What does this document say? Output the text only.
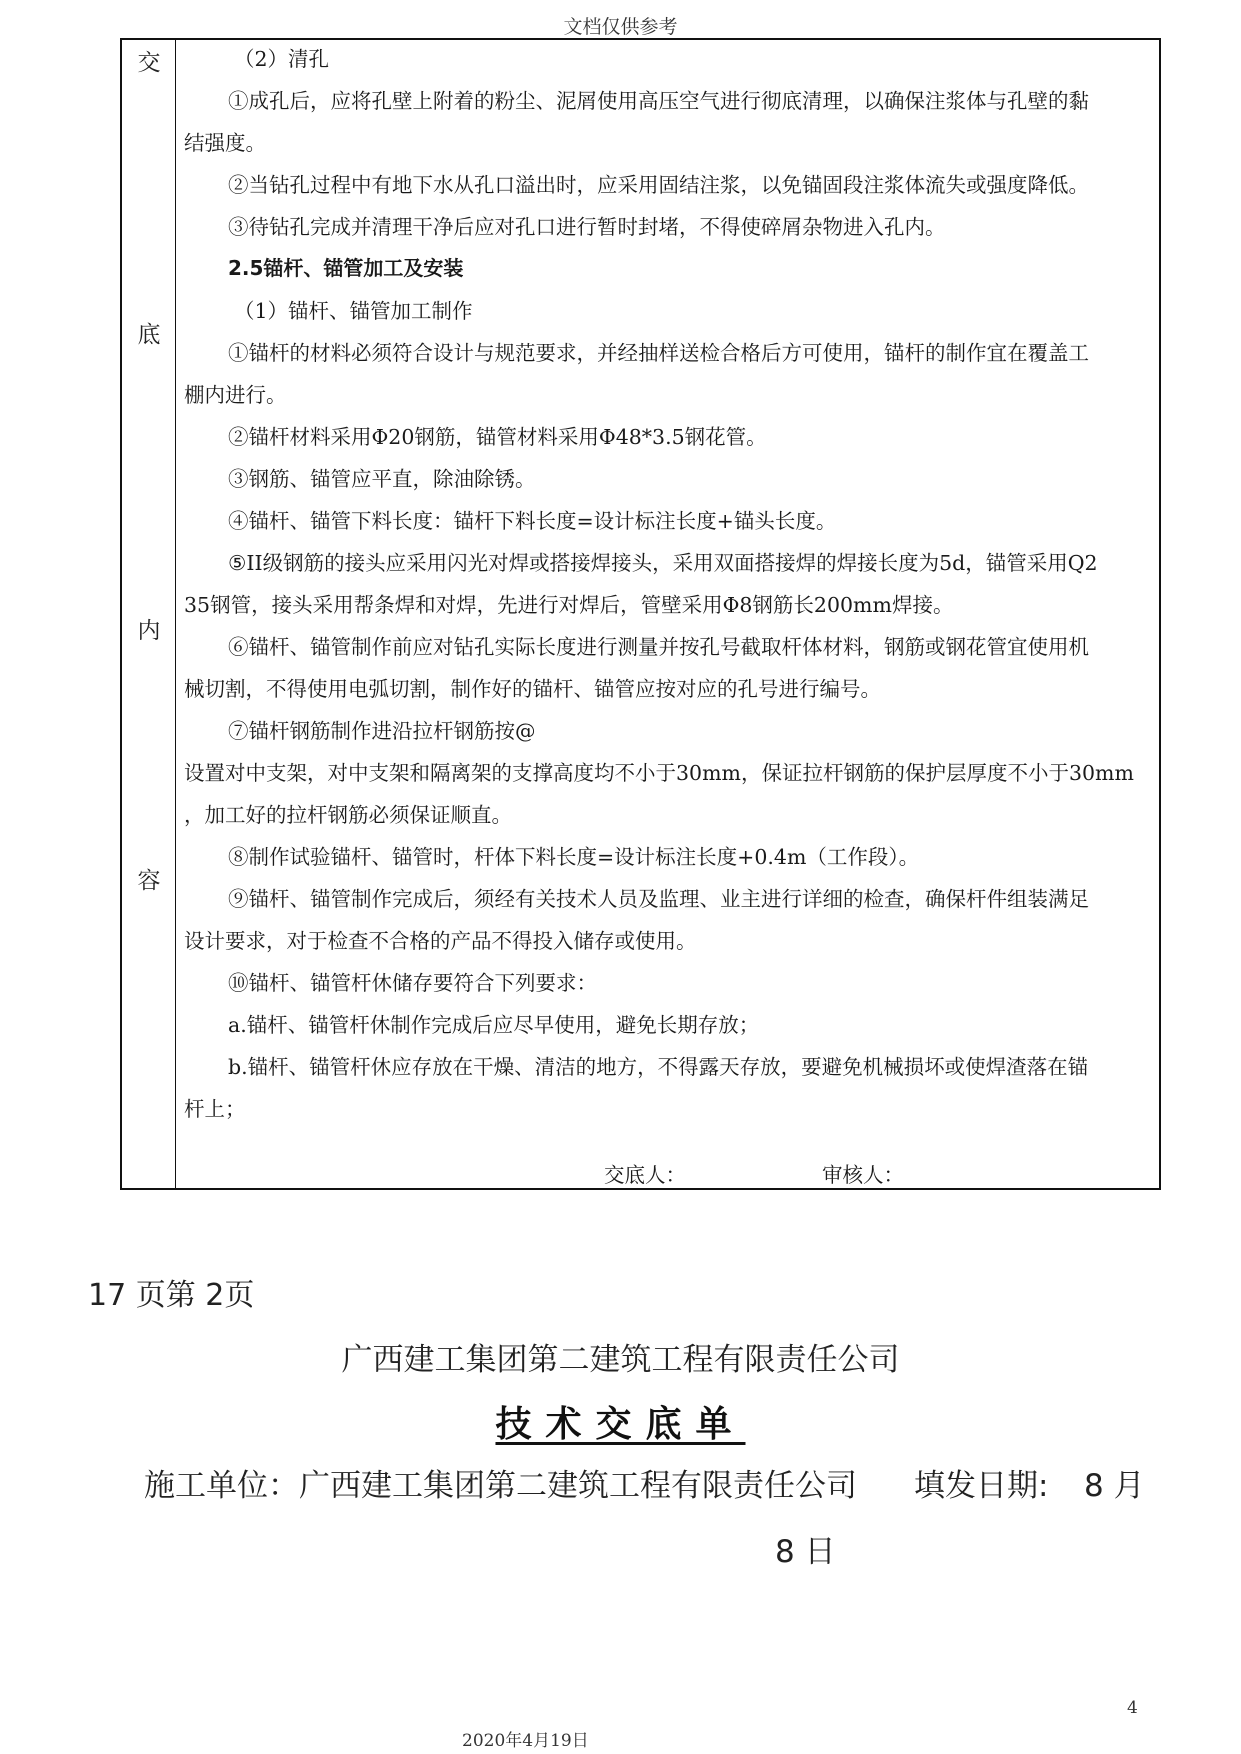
文档仅供参考
交
底
内
容
（2）清孔
①成孔后，应将孔壁上附着的粉尘、泥屑使用高压空气进行彻底清理，以确保注浆体与孔壁的黏
结强度。
②当钻孔过程中有地下水从孔口溢出时，应采用固结注浆，以免锚固段注浆体流失或强度降低。
③待钻孔完成并清理干净后应对孔口进行暂时封堵，不得使碎屑杂物进入孔内。
2.5锚杆、锚管加工及安装
（1）锚杆、锚管加工制作
①锚杆的材料必须符合设计与规范要求，并经抽样送检合格后方可使用，锚杆的制作宜在覆盖工
棚内进行。
②锚杆材料采用Φ20钢筋，锚管材料采用Φ48*3.5钢花管。
③钢筋、锚管应平直，除油除锈。
④锚杆、锚管下料长度：锚杆下料长度=设计标注长度+锚头长度。
⑤II级钢筋的接头应采用闪光对焊或搭接焊接头，采用双面搭接焊的焊接长度为5d，锚管采用Q2
35钢管，接头采用帮条焊和对焊，先进行对焊后，管壁采用Φ8钢筋长200mm焊接。
⑥锚杆、锚管制作前应对钻孔实际长度进行测量并按孔号截取杆体材料，钢筋或钢花管宜使用机
械切割，不得使用电弧切割，制作好的锚杆、锚管应按对应的孔号进行编号。
⑦锚杆钢筋制作进沿拉杆钢筋按@
设置对中支架，对中支架和隔离架的支撑高度均不小于30mm，保证拉杆钢筋的保护层厚度不小于30mm
，加工好的拉杆钢筋必须保证顺直。
⑧制作试验锚杆、锚管时，杆体下料长度=设计标注长度+0.4m（工作段）。
⑨锚杆、锚管制作完成后，须经有关技术人员及监理、业主进行详细的检查，确保杆件组装满足
设计要求，对于检查不合格的产品不得投入储存或使用。
⑩锚杆、锚管杆休储存要符合下列要求：
a.锚杆、锚管杆休制作完成后应尽早使用，避免长期存放；
b.锚杆、锚管杆休应存放在干燥、清洁的地方，不得露天存放，要避免机械损坏或使焊渣落在锚
杆上；
交底人：	审核人：
17 页第 2页
广西建工集团第二建筑工程有限责任公司
技术交底单
施工单位：广西建工集团第二建筑工程有限责任公司 填发日期: 8 月
8 日
4
2020年4月19日
